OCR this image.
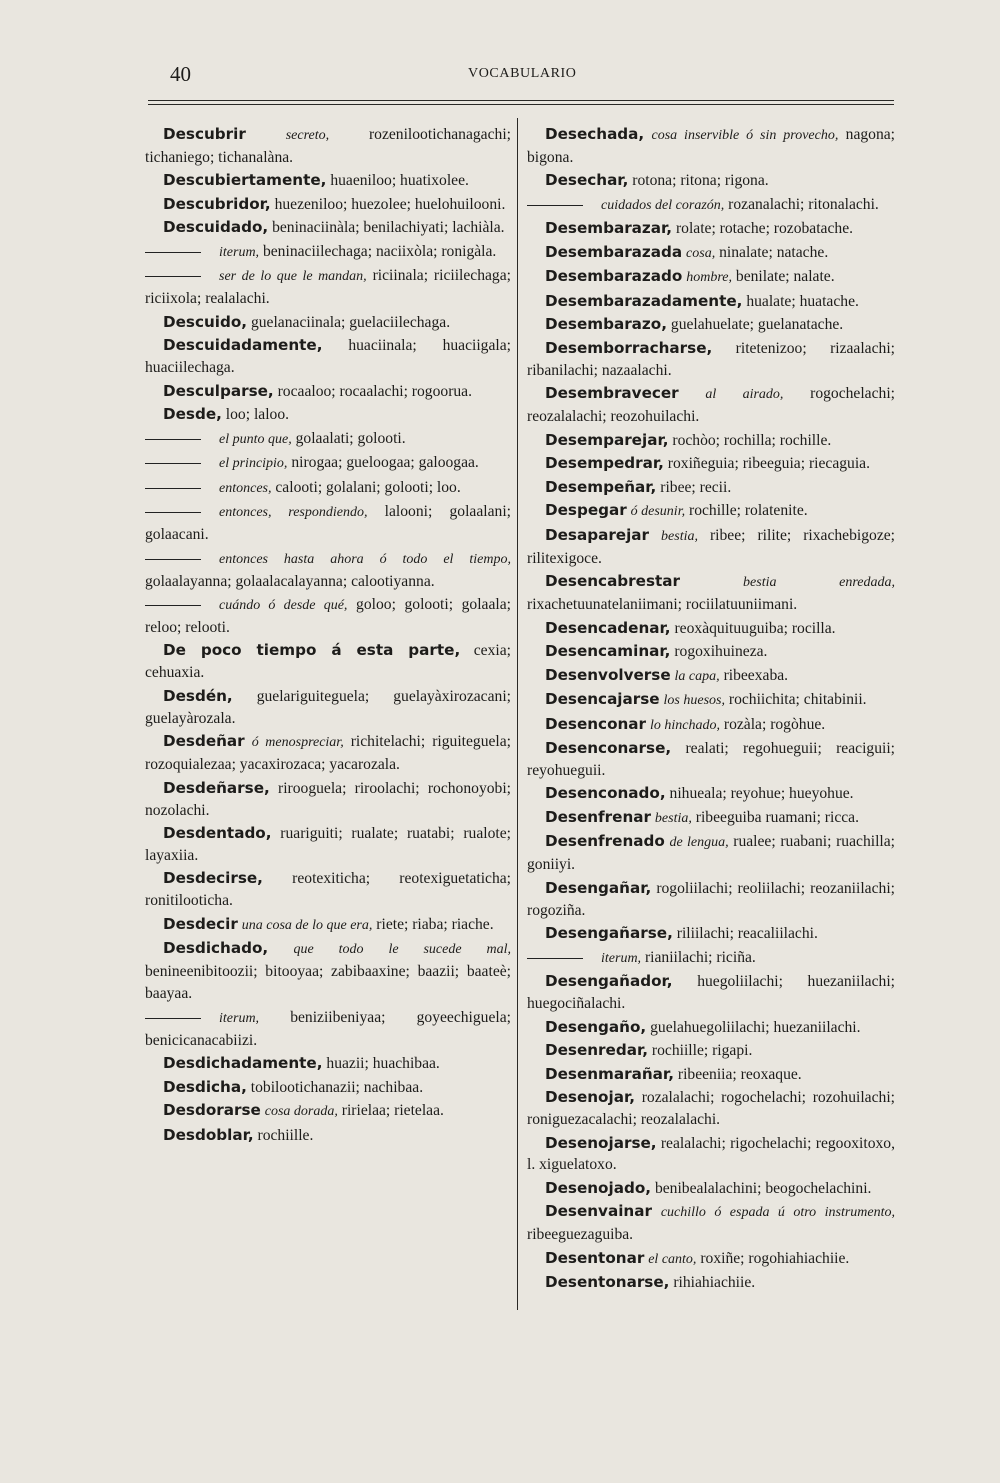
40	VOCABULARIO
Descubrir	secreto,	rozenilootichanagachi; tichaniego; tichanalàna.
Descubiertamente, huaeniloo; huatixolee.
Descubridor, huezeniloo; huezolee; huelohuilooni.
Descuidado, beninaciinàla; benilachiyati; lachiàla.
iterum, beninaciilechaga; naciixòla; ronigàla.
ser de lo que le mandan, riciinala; riciilechaga; riciixola; realalachi.
Descuido, guelanaciinala; guelaciilechaga.
Descuidadamente, huaciinala; huaciigala; huaciilechaga.
Desculparse, rocaaloo; rocaalachi; rogoorua.
Desde, loo; laloo.
el punto que, golaalati; golooti.
el principio, nirogaa; gueloogaa; galoogaa.
entonces, calooti; golalani; golooti; loo.
entonces, respondiendo, lalooni; golaalani; golaacani.
entonces hasta ahora ó todo el tiempo, golaalayanna; golaalacalayanna; calootiyanna.
cuándo ó desde qué, goloo; golooti; golaala; reloo; relooti.
De poco tiempo á esta parte, cexia; cehuaxia.
Desdén, guelariguiteguela; guelayàxirozacani; guelayàrozala.
Desdeñar ó menospreciar, richitelachi; riguiteguela; rozoquialezaa; yacaxirozaca; yacarozala.
Desdeñarse, rirooguela; riroolachi; rochonoyobi; nozolachi.
Desdentado, ruariguiti; rualate; ruatabi; rualote; layaxiia.
Desdecirse, reotexiticha; reotexiguetaticha; ronitilooticha.
Desdecir una cosa de lo que era, riete; riaba; riache.
Desdichado, que todo le sucede mal, benineenibitoozii; bitooyaa; zabibaaxine; baazii; baateè; baayaa.
iterum, beniziibeniyaa; goyeechiguela; benicicanacabiizi.
Desdichadamente, huazii; huachibaa.
Desdicha, tobilootichanazii; nachibaa.
Desdorarse cosa dorada, ririelaa; rietelaa.
Desdoblar, rochiille.
Desechada, cosa inservible ó sin provecho, nagona; bigona.
Desechar, rotona; ritona; rigona.
cuidados del corazón, rozanalachi; ritonalachi.
Desembarazar, rolate; rotache; rozobatache.
Desembarazada cosa, ninalate; natache.
Desembarazado hombre, benilate; nalate.
Desembarazadamente, hualate; huatache.
Desembarazo, guelahuelate; guelanatache.
Desemborracharse, ritetenizoo; rizaalachi; ribanilachi; nazaalachi.
Desembravecer al airado, rogochelachi; reozalalachi; reozohuilachi.
Desemparejar, rochòo; rochilla; rochille.
Desempedrar, roxiñeguia; ribeeguia; riecaguia.
Desempeñar, ribee; recii.
Despegar ó desunir, rochille; rolatenite.
Desaparejar bestia, ribee; rilite; rixachebigoze; rilitexigoce.
Desencabrestar	bestia enredada, rixachetuunatelaniimani; rociilatuuniimani.
Desencadenar, reoxàquituuguiba; rocilla.
Desencaminar, rogoxihuineza.
Desenvolverse la capa, ribeexaba.
Desencajarse los huesos, rochiichita; chitabinii.
Desenconar lo hinchado, rozàla; rogòhue.
Desenconarse, realati; regohueguii; reaciguii; reyohueguii.
Desenconado, nihueala; reyohue; hueyohue.
Desenfrenar bestia, ribeeguiba ruamani; ricca.
Desenfrenado de lengua, rualee; ruabani; ruachilla; goniiyi.
Desengañar, rogoliilachi; reoliilachi; reozaniilachi; rogoziña.
Desengañarse, riliilachi; reacaliilachi.
iterum, rianiilachi; riciña.
Desengañador, huegoliilachi; huezaniilachi; huegociñalachi.
Desengaño, guelahuegoliilachi; huezaniilachi.
Desenredar, rochiille; rigapi.
Desenmarañar, ribeeniia; reoxaque.
Desenojar, rozalalachi; rogochelachi; rozohuilachi; roniguezacalachi; reozalalachi.
Desenojarse, realalachi; rigochelachi; regooxitoxo, l. xiguelatoxo.
Desenojado, benibealalachini; beogochelachini.
Desenvainar cuchillo ó espada ú otro instrumento, ribeeguezaguiba.
Desentonar el canto, roxiñe; rogohiahiachiie.
Desentonarse, rihiahiachiie.
